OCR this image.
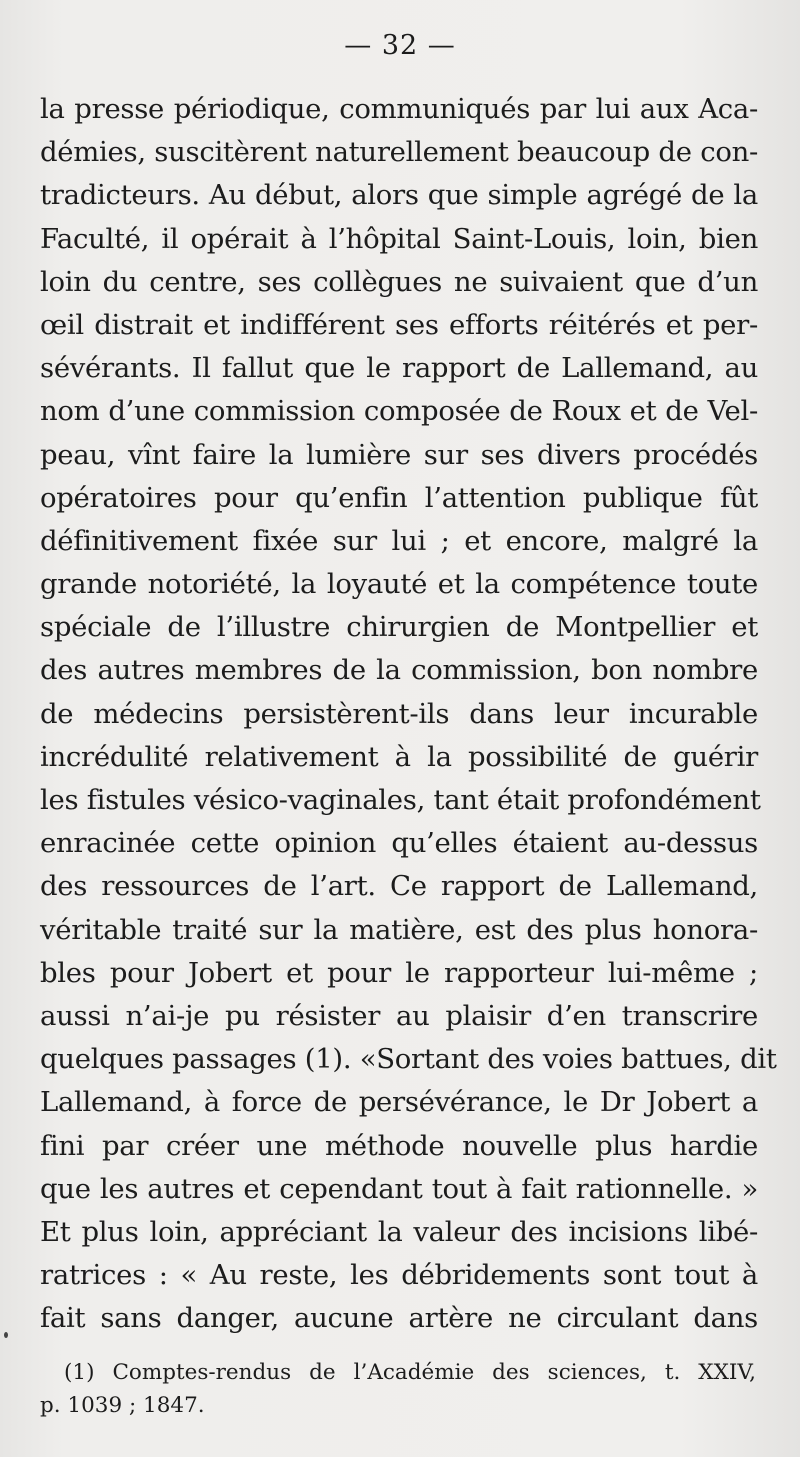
— 32 —
la presse périodique, communiqués par lui aux Aca-
démies, suscitèrent naturellement beaucoup de con-
tradicteurs. Au début, alors que simple agrégé de la
Faculté, il opérait à l’hôpital Saint-Louis, loin, bien
loin du centre, ses collègues ne suivaient que d’un
œil distrait et indifférent ses efforts réitérés et per-
sévérants. Il fallut que le rapport de Lallemand, au
nom d’une commission composée de Roux et de Vel-
peau, vînt faire la lumière sur ses divers procédés
opératoires pour qu’enfin l’attention publique fût
définitivement fixée sur lui ; et encore, malgré la
grande notoriété, la loyauté et la compétence toute
spéciale de l’illustre chirurgien de Montpellier et
des autres membres de la commission, bon nombre
de médecins persistèrent-ils dans leur incurable
incrédulité relativement à la possibilité de guérir
les fistules vésico-vaginales, tant était profondément
enracinée cette opinion qu’elles étaient au-dessus
des ressources de l’art. Ce rapport de Lallemand,
véritable traité sur la matière, est des plus honora-
bles pour Jobert et pour le rapporteur lui-même ;
aussi n’ai-je pu résister au plaisir d’en transcrire
quelques passages (1). «Sortant des voies battues, dit
Lallemand, à force de persévérance, le Dr Jobert a
fini par créer une méthode nouvelle plus hardie
que les autres et cependant tout à fait rationnelle. »
Et plus loin, appréciant la valeur des incisions libé-
ratrices : « Au reste, les débridements sont tout à
fait sans danger, aucune artère ne circulant dans
(1) Comptes-rendus de l’Académie des sciences, t. XXIV,
p. 1039 ; 1847.
